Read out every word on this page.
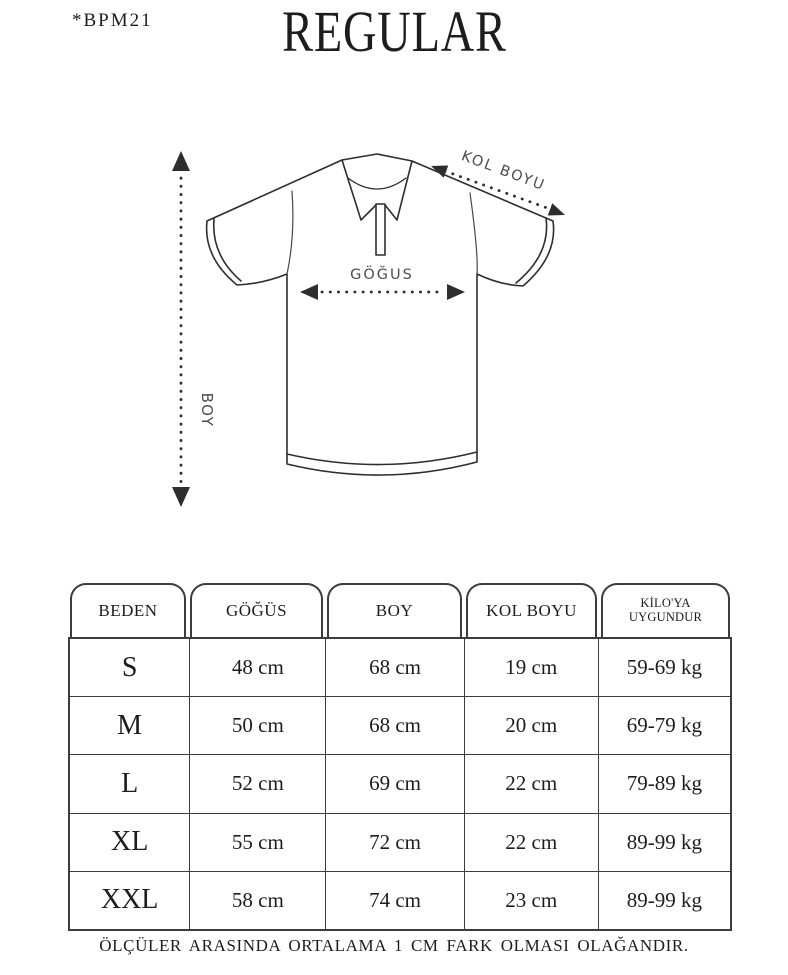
*BPM21	REGULAR
BOY
GÖĞUS
KOL BOYU
BEDEN	GÖĞÜS	BOY	KOL BOYU	KİLO'YA
UYGUNDUR
S	48 cm	68 cm	19 cm	59-69 kg
M	50 cm	68 cm	20 cm	69-79 kg
L	52 cm	69 cm	22 cm	79-89 kg
XL	55 cm	72 cm	22 cm	89-99 kg
XXL	58 cm	74 cm	23 cm	89-99 kg
ÖLÇÜLER ARASINDA ORTALAMA 1 CM FARK OLMASI OLAĞANDIR.
